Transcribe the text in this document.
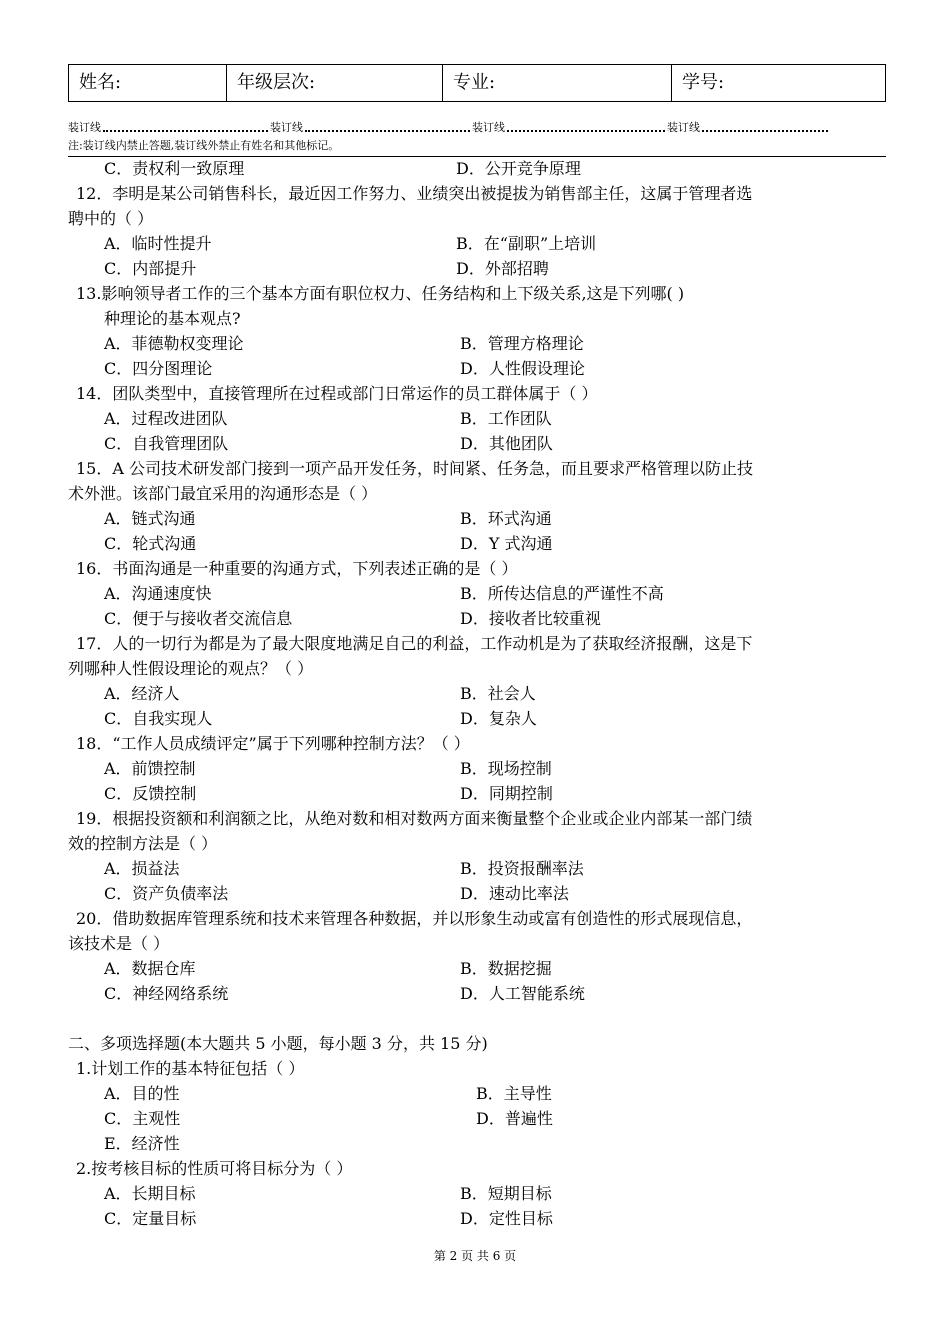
姓名:	年级层次:	专业:	学号:
装订线	装订线	装订线	装订线
注:装订线内禁止答题,装订线外禁止有姓名和其他标记。
C．责权利一致原理	D．公开竞争原理
12．李明是某公司销售科长，最近因工作努力、业绩突出被提拔为销售部主任，这属于管理者选
聘中的（ ）
A．临时性提升	B．在“副职”上培训
C．内部提升	D．外部招聘
13.影响领导者工作的三个基本方面有职位权力、任务结构和上下级关系,这是下列哪( )
种理论的基本观点?
A．菲德勒权变理论	B．管理方格理论
C．四分图理论	D．人性假设理论
14．团队类型中，直接管理所在过程或部门日常运作的员工群体属于（ ）
A．过程改进团队	B．工作团队
C．自我管理团队	D．其他团队
15．A 公司技术研发部门接到一项产品开发任务，时间紧、任务急，而且要求严格管理以防止技
术外泄。该部门最宜采用的沟通形态是（ ）
A．链式沟通	B．环式沟通
C．轮式沟通	D．Y 式沟通
16．书面沟通是一种重要的沟通方式，下列表述正确的是（ ）
A．沟通速度快	B．所传达信息的严谨性不高
C．便于与接收者交流信息	D．接收者比较重视
17．人的一切行为都是为了最大限度地满足自己的利益，工作动机是为了获取经济报酬，这是下
列哪种人性假设理论的观点？（ ）
A．经济人	B．社会人
C．自我实现人	D．复杂人
18．“工作人员成绩评定”属于下列哪种控制方法？（ ）
A．前馈控制	B．现场控制
C．反馈控制	D．同期控制
19．根据投资额和利润额之比，从绝对数和相对数两方面来衡量整个企业或企业内部某一部门绩
效的控制方法是（ ）
A．损益法	B．投资报酬率法
C．资产负债率法	D．速动比率法
20．借助数据库管理系统和技术来管理各种数据，并以形象生动或富有创造性的形式展现信息，
该技术是（ ）
A．数据仓库	B．数据挖掘
C．神经网络系统	D．人工智能系统
二、多项选择题(本大题共 5 小题，每小题 3 分，共 15 分)
1.计划工作的基本特征包括（ ）
A．目的性	B．主导性
C．主观性	D．普遍性
E．经济性
2.按考核目标的性质可将目标分为（ ）
A．长期目标	B．短期目标
C．定量目标	D．定性目标
第 2 页 共 6 页
